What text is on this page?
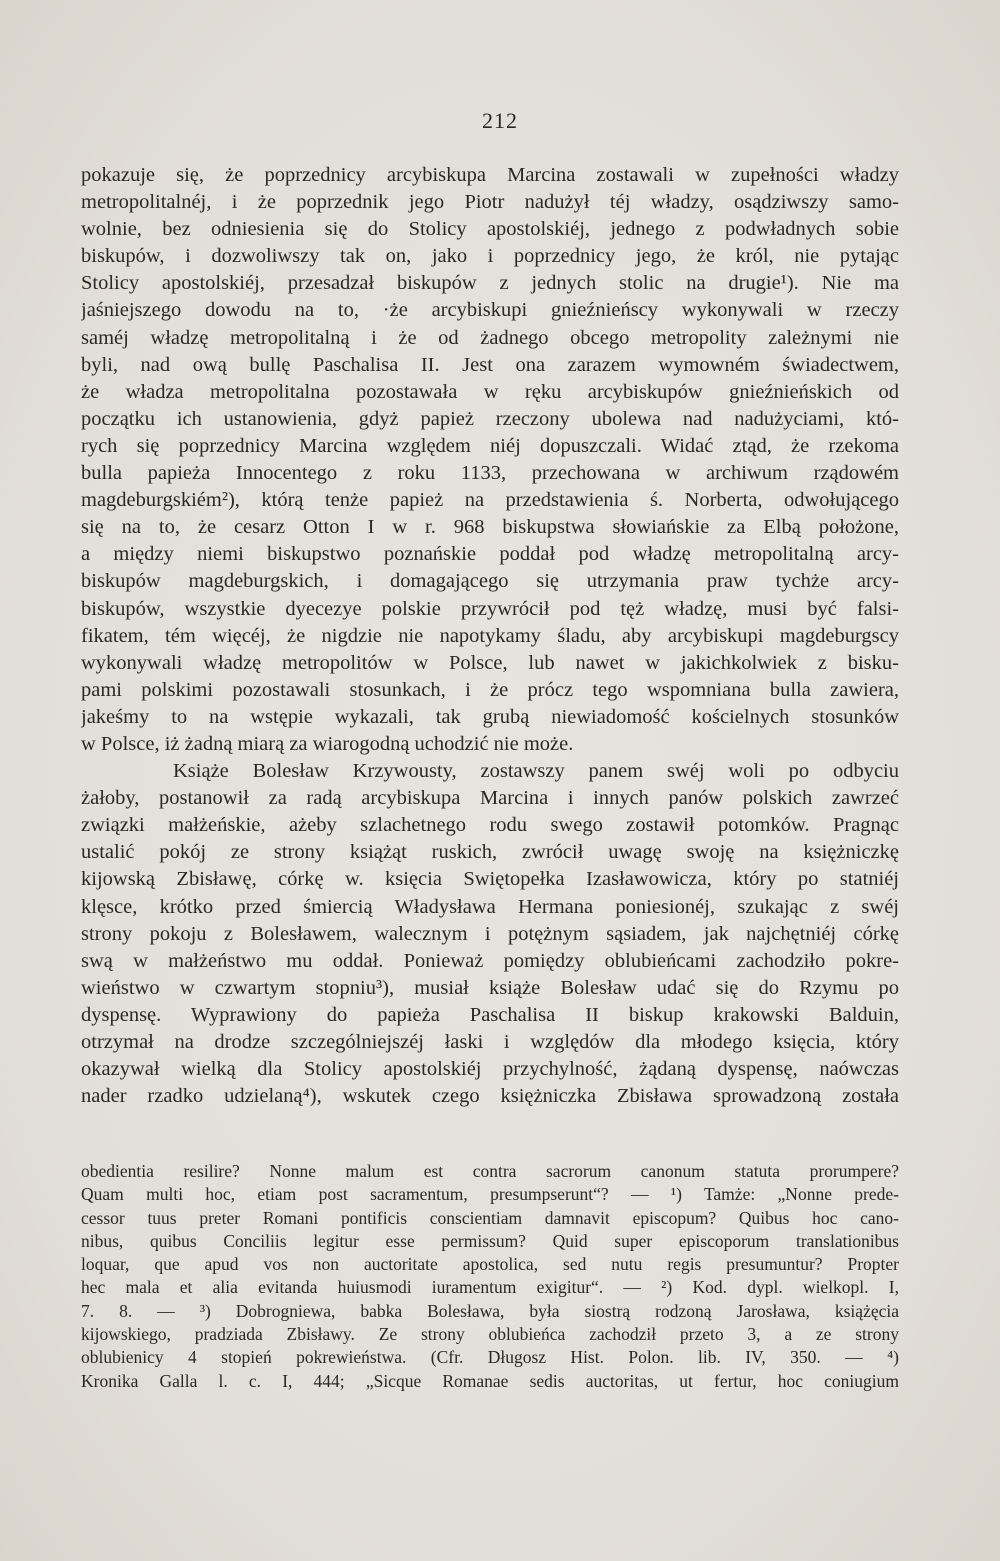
212
pokazuje się, że poprzednicy arcybiskupa Marcina zostawali w zupełności władzy
metropolitalnéj, i że poprzednik jego Piotr nadużył téj władzy, osądziwszy samo-
wolnie, bez odniesienia się do Stolicy apostolskiéj, jednego z podwładnych sobie
biskupów, i dozwoliwszy tak on, jako i poprzednicy jego, że król, nie pytając
Stolicy apostolskiéj, przesadzał biskupów z jednych stolic na drugie¹). Nie ma
jaśniejszego dowodu na to, ·że arcybiskupi gnieźnieńscy wykonywali w rzeczy
saméj władzę metropolitalną i że od żadnego obcego metropolity zależnymi nie
byli, nad ową bullę Paschalisa II. Jest ona zarazem wymowném świadectwem,
że władza metropolitalna pozostawała w ręku arcybiskupów gnieźnieńskich od
początku ich ustanowienia, gdyż papież rzeczony ubolewa nad nadużyciami, któ-
rych się poprzednicy Marcina względem niéj dopuszczali. Widać ztąd, że rzekoma
bulla papieża Innocentego z roku 1133, przechowana w archiwum rządowém
magdeburgskiém²), którą tenże papież na przedstawienia ś. Norberta, odwołującego
się na to, że cesarz Otton I w r. 968 biskupstwa słowiańskie za Elbą położone,
a między niemi biskupstwo poznańskie poddał pod władzę metropolitalną arcy-
biskupów magdeburgskich, i domagającego się utrzymania praw tychże arcy-
biskupów, wszystkie dyecezye polskie przywrócił pod tęż władzę, musi być falsi-
fikatem, tém więcéj, że nigdzie nie napotykamy śladu, aby arcybiskupi magdeburgscy
wykonywali władzę metropolitów w Polsce, lub nawet w jakichkolwiek z bisku-
pami polskimi pozostawali stosunkach, i że prócz tego wspomniana bulla zawiera,
jakeśmy to na wstępie wykazali, tak grubą niewiadomość kościelnych stosunków
w Polsce, iż żadną miarą za wiarogodną uchodzić nie może.
Książe Bolesław Krzywousty, zostawszy panem swéj woli po odbyciu
żałoby, postanowił za radą arcybiskupa Marcina i innych panów polskich zawrzeć
związki małżeńskie, ażeby szlachetnego rodu swego zostawił potomków. Pragnąc
ustalić pokój ze strony książąt ruskich, zwrócił uwagę swoję na księżniczkę
kijowską Zbisławę, córkę w. księcia Swiętopełka Izasławowicza, który po statniéj
klęsce, krótko przed śmiercią Władysława Hermana poniesionéj, szukając z swéj
strony pokoju z Bolesławem, walecznym i potężnym sąsiadem, jak najchętniéj córkę
swą w małżeństwo mu oddał. Ponieważ pomiędzy oblubieńcami zachodziło pokre-
wieństwo w czwartym stopniu³), musiał książe Bolesław udać się do Rzymu po
dyspensę. Wyprawiony do papieża Paschalisa II biskup krakowski Balduin,
otrzymał na drodze szczególniejszéj łaski i względów dla młodego księcia, który
okazywał wielką dla Stolicy apostolskiéj przychylność, żądaną dyspensę, naówczas
nader rzadko udzielaną⁴), wskutek czego księżniczka Zbisława sprowadzoną została
obedientia resilire? Nonne malum est contra sacrorum canonum statuta prorumpere?
Quam multi hoc, etiam post sacramentum, presumpserunt“? — ¹) Tamże: „Nonne prede-
cessor tuus preter Romani pontificis conscientiam damnavit episcopum? Quibus hoc cano-
nibus, quibus Conciliis legitur esse permissum? Quid super episcoporum translationibus
loquar, que apud vos non auctoritate apostolica, sed nutu regis presumuntur? Propter
hec mala et alia evitanda huiusmodi iuramentum exigitur“. — ²) Kod. dypl. wielkopl. I,
7. 8. — ³) Dobrogniewa, babka Bolesława, była siostrą rodzoną Jarosława, książęcia
kijowskiego, pradziada Zbisławy. Ze strony oblubieńca zachodził przeto 3, a ze strony
oblubienicy 4 stopień pokrewieństwa. (Cfr. Długosz Hist. Polon. lib. IV, 350. — ⁴)
Kronika Galla l. c. I, 444; „Sicque Romanae sedis auctoritas, ut fertur, hoc coniugium
